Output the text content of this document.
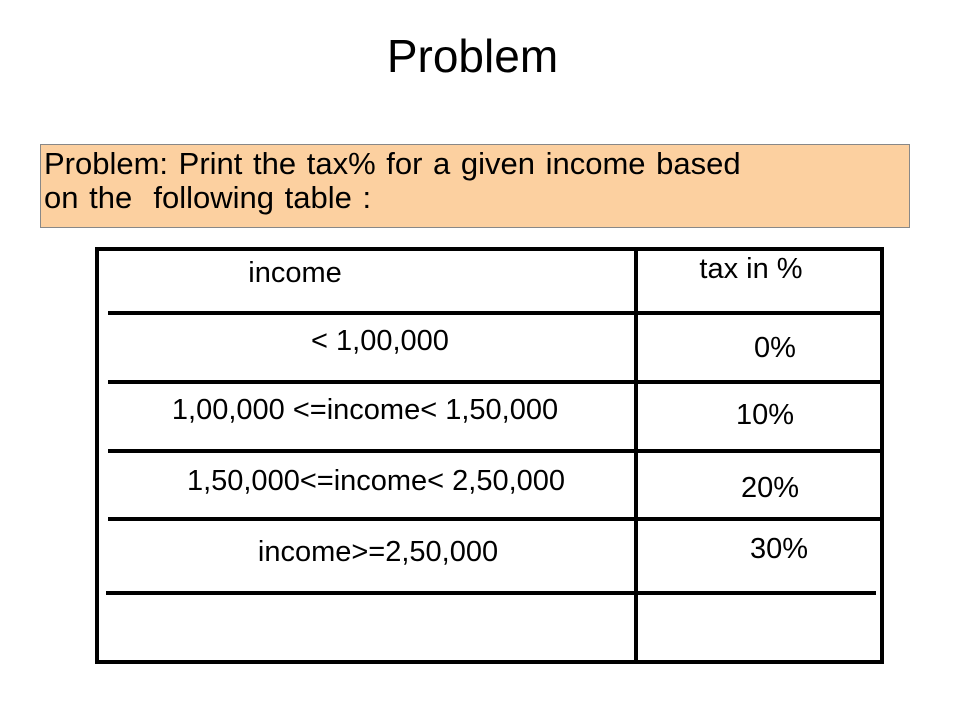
Problem
Problem: Print the tax% for a given income based
on the  following table :
income	tax in %
< 1,00,000	0%
1,00,000 <=income< 1,50,000	10%
1,50,000<=income< 2,50,000	20%
income>=2,50,000	30%
